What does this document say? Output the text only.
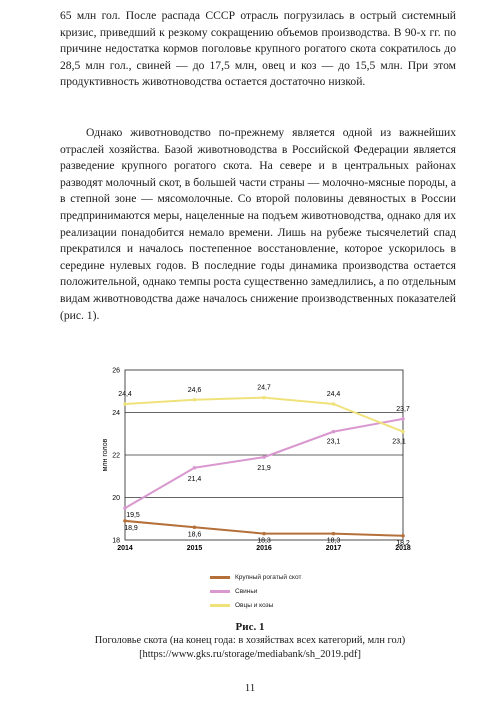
65 млн гол. После распада СССР отрасль погрузилась в острый системный кризис, приведший к резкому сокращению объемов производства. В 90-х гг. по причине недостатка кормов поголовье крупного рогатого скота сократилось до 28,5 млн гол., свиней — до 17,5 млн, овец и коз — до 15,5 млн. При этом продуктивность животноводства остается достаточно низкой.

Однако животноводство по-прежнему является одной из важнейших отраслей хозяйства. Базой животноводства в Российской Федерации является разведение крупного рогатого скота. На севере и в центральных районах разводят молочный скот, в большей части страны — молочно-мясные породы, а в степной зоне — мясомолочные. Со второй половины девяностых в России предпринимаются меры, нацеленные на подъем животноводства, однако для их реализации понадобится немало времени. Лишь на рубеже тысячелетий спад прекратился и началось постепенное восстановление, которое ускорилось в середине нулевых годов. В последние годы динамика производства остается положительной, однако темпы роста существенно замедлились, а по отдельным видам животноводства даже началось снижение производственных показателей (рис. 1).

млн голов
18
20
22
24
26
2014	2015	2016	2017	2018
18,9
18,6
18,3	18,3	18,2
19,5
21,4
21,9
23,1
23,7
24,4
24,6	24,7
24,4
23,1
Крупный рогатый скот
Свиньи
Овцы и козы
Рис. 1
Поголовье скота (на конец года: в хозяйствах всех категорий, млн гол)
[https://www.gks.ru/storage/mediabank/sh_2019.pdf]
11
